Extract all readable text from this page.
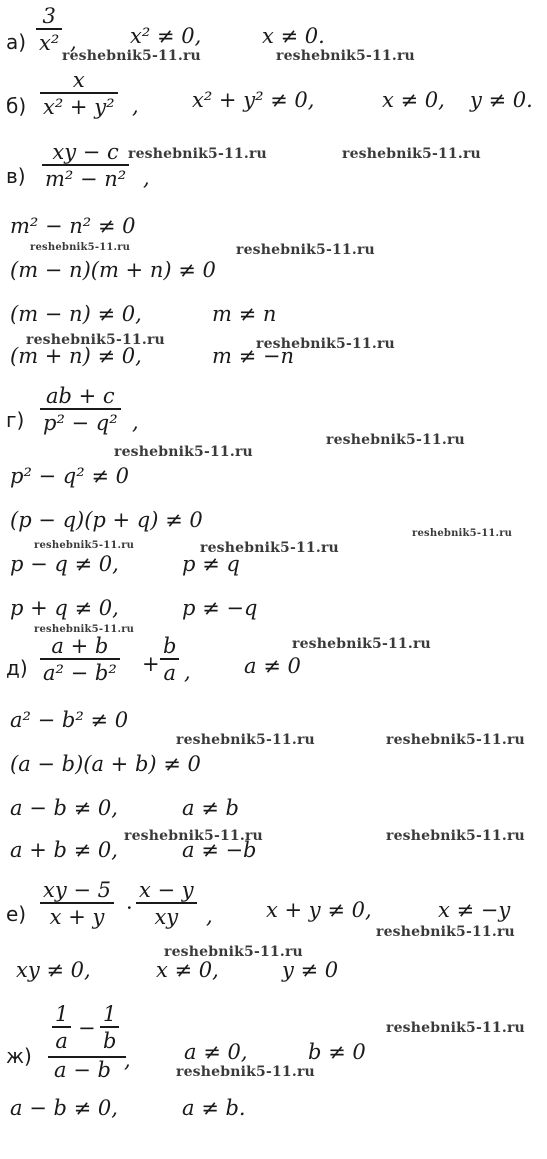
а)
3
x² ,	x² ≠ 0,	x ≠ 0.
б)
x
x² + y² ,	x² + y² ≠ 0,	x ≠ 0, y ≠ 0.
в)
xy − c
m² − n² ,
m² − n² ≠ 0
(m − n)(m + n) ≠ 0
(m − n) ≠ 0,	m ≠ n
(m + n) ≠ 0,	m ≠ −n
г)
ab + c
p² − q² ,
p² − q² ≠ 0
(p − q)(p + q) ≠ 0
p − q ≠ 0,	p ≠ q
p + q ≠ 0,	p ≠ −q
д)
a + b
a² − b² +
b
a ,	a ≠ 0
a² − b² ≠ 0
(a − b)(a + b) ≠ 0
a − b ≠ 0,	a ≠ b
a + b ≠ 0,	a ≠ −b
е)
xy − 5
x + y ·
x − y
xy ,	x + y ≠ 0,	x ≠ −y
xy ≠ 0,	x ≠ 0,	y ≠ 0
ж)
1
a
−
1
b
a − b ,	a ≠ 0,	b ≠ 0
a − b ≠ 0,	a ≠ b.
reshebnik5-11.ru	reshebnik5-11.ru
reshebnik5-11.ru	reshebnik5-11.ru
reshebnik5-11.ru	reshebnik5-11.ru
reshebnik5-11.ru	reshebnik5-11.ru
reshebnik5-11.ru
reshebnik5-11.ru
reshebnik5-11.ru
reshebnik5-11.ru	reshebnik5-11.ru
reshebnik5-11.ru
reshebnik5-11.ru
reshebnik5-11.ru	reshebnik5-11.ru
reshebnik5-11.ru	reshebnik5-11.ru
reshebnik5-11.ru
reshebnik5-11.ru
reshebnik5-11.ru
reshebnik5-11.ru
